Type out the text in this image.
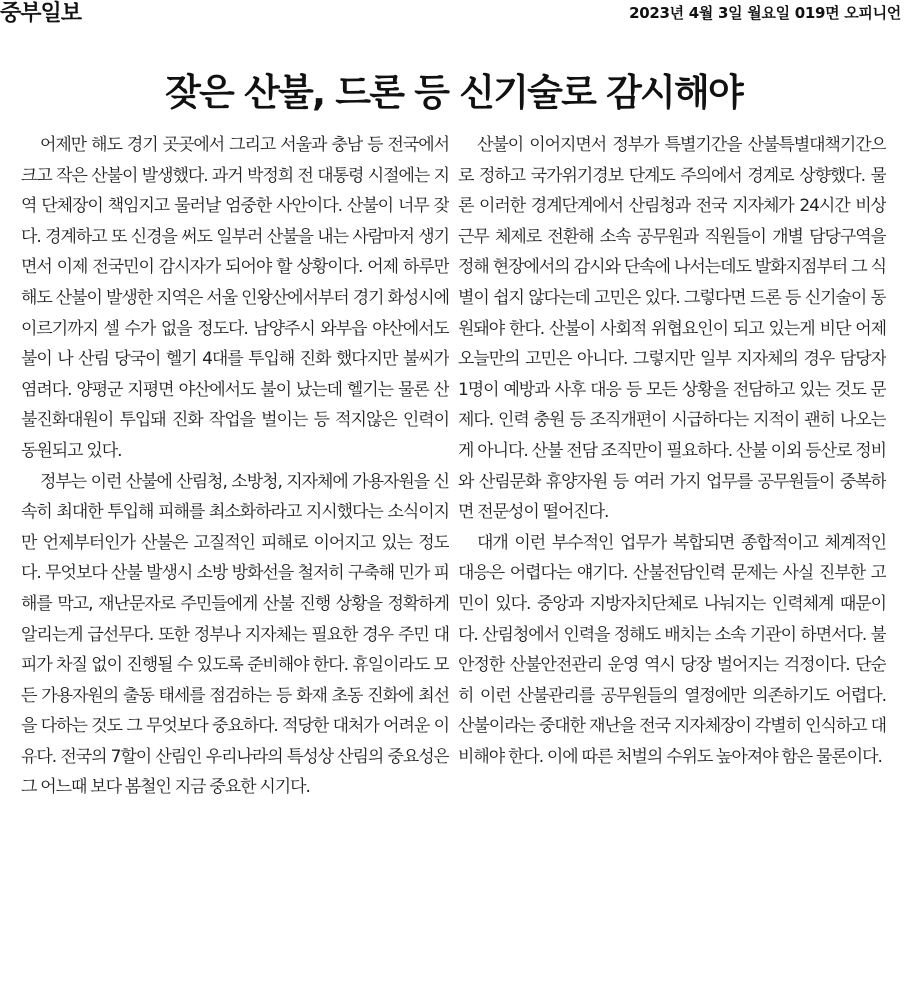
중부일보	2023년 4월 3일 월요일 019면 오피니언
잦은 산불, 드론 등 신기술로 감시해야

어제만 해도 경기 곳곳에서 그리고 서울과 충남 등 전국에서 크고 작은 산불이 발생했다. 과거 박정희 전 대통령 시절에는 지역 단체장이 책임지고 물러날 엄중한 사안이다. 산불이 너무 잦다. 경계하고 또 신경을 써도 일부러 산불을 내는 사람마저 생기면서 이제 전국민이 감시자가 되어야 할 상황이다. 어제 하루만 해도 산불이 발생한 지역은 서울 인왕산에서부터 경기 화성시에 이르기까지 셀 수가 없을 정도다. 남양주시 와부읍 야산에서도 불이 나 산림 당국이 헬기 4대를 투입해 진화 했다지만 불씨가 염려다. 양평군 지평면 야산에서도 불이 났는데 헬기는 물론 산불진화대원이 투입돼 진화 작업을 벌이는 등 적지않은 인력이 동원되고 있다.

정부는 이런 산불에 산림청, 소방청, 지자체에 가용자원을 신속히 최대한 투입해 피해를 최소화하라고 지시했다는 소식이지만 언제부터인가 산불은 고질적인 피해로 이어지고 있는 정도다. 무엇보다 산불 발생시 소방 방화선을 철저히 구축해 민가 피해를 막고, 재난문자로 주민들에게 산불 진행 상황을 정확하게 알리는게 급선무다. 또한 정부나 지자체는 필요한 경우 주민 대피가 차질 없이 진행될 수 있도록 준비해야 한다. 휴일이라도 모든 가용자원의 출동 태세를 점검하는 등 화재 초동 진화에 최선을 다하는 것도 그 무엇보다 중요하다. 적당한 대처가 어려운 이유다. 전국의 7할이 산림인 우리나라의 특성상 산림의 중요성은 그 어느때 보다 봄철인 지금 중요한 시기다.

산불이 이어지면서 정부가 특별기간을 산불특별대책기간으로 정하고 국가위기경보 단계도 주의에서 경계로 상향했다. 물론 이러한 경계단계에서 산림청과 전국 지자체가 24시간 비상근무 체제로 전환해 소속 공무원과 직원들이 개별 담당구역을 정해 현장에서의 감시와 단속에 나서는데도 발화지점부터 그 식별이 쉽지 않다는데 고민은 있다. 그렇다면 드론 등 신기술이 동원돼야 한다. 산불이 사회적 위협요인이 되고 있는게 비단 어제 오늘만의 고민은 아니다. 그렇지만 일부 지자체의 경우 담당자 1명이 예방과 사후 대응 등 모든 상황을 전담하고 있는 것도 문제다. 인력 충원 등 조직개편이 시급하다는 지적이 괜히 나오는 게 아니다. 산불 전담 조직만이 필요하다. 산불 이외 등산로 정비와 산림문화 휴양자원 등 여러 가지 업무를 공무원들이 중복하면 전문성이 떨어진다.

대개 이런 부수적인 업무가 복합되면 종합적이고 체계적인 대응은 어렵다는 얘기다. 산불전담인력 문제는 사실 진부한 고민이 있다. 중앙과 지방자치단체로 나눠지는 인력체계 때문이다. 산림청에서 인력을 정해도 배치는 소속 기관이 하면서다. 불안정한 산불안전관리 운영 역시 당장 벌어지는 걱정이다. 단순히 이런 산불관리를 공무원들의 열정에만 의존하기도 어렵다. 산불이라는 중대한 재난을 전국 지자체장이 각별히 인식하고 대비해야 한다. 이에 따른 처벌의 수위도 높아져야 함은 물론이다.
